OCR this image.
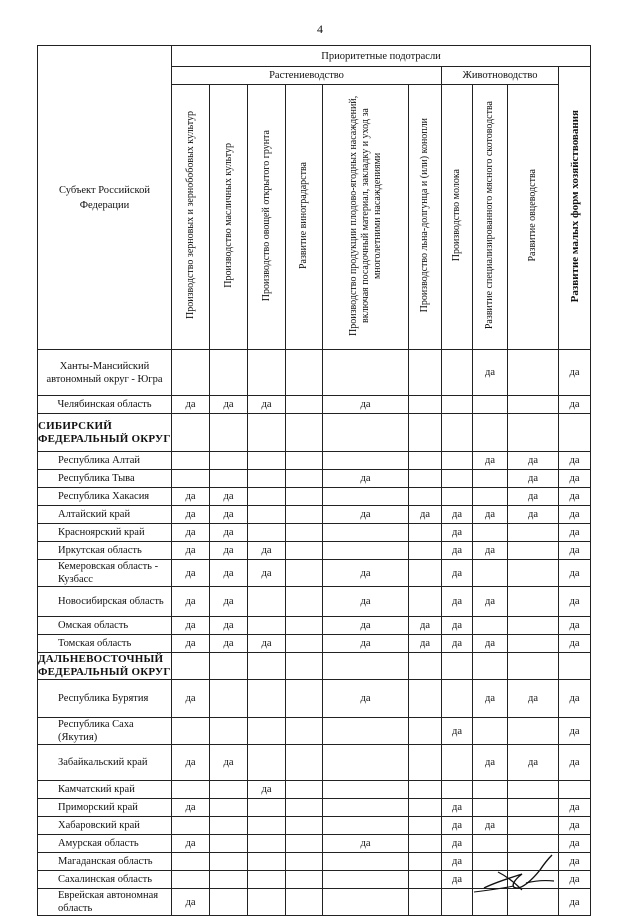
4
Субъект Российской Федерации	Приоритетные подотрасли									
	Растениеводство						Животноводство			Развитие малых форм хозяйствования
	Производство зерновых и зернобобовых культур	Производство масличных культур	Производство овощей открытого грунта	Развитие виноградарства	Производство продукции плодово-ягодных насаждений, включая посадочный материал, закладку и уход за многолетними насаждениями	Производство льна-долгунца и (или) конопли	Производство молока	Развитие специализированного мясного скотоводства	Развитие овцеводства	
Ханты-Мансийский автономный округ - Югра								да		да
Челябинская область	да	да	да		да					да
СИБИРСКИЙ ФЕДЕРАЛЬНЫЙ ОКРУГ										
Республика Алтай								да	да	да
Республика Тыва					да				да	да
Республика Хакасия	да	да							да	да
Алтайский край	да	да			да	да	да	да	да	да
Красноярский край	да	да					да			да
Иркутская область	да	да	да				да	да		да
Кемеровская область - Кузбасс	да	да	да		да		да			да
Новосибирская область	да	да			да		да	да		да
Омская область	да	да			да	да	да			да
Томская область	да	да	да		да	да	да	да		да
ДАЛЬНЕВОСТОЧНЫЙ ФЕДЕРАЛЬНЫЙ ОКРУГ										
Республика Бурятия	да				да			да	да	да
Республика Саха (Якутия)							да			да
Забайкальский край	да	да						да	да	да
Камчатский край			да							
Приморский край	да						да			да
Хабаровский край							да	да		да
Амурская область	да				да		да			да
Магаданская область							да			да
Сахалинская область							да			да
Еврейская автономная область	да									да
